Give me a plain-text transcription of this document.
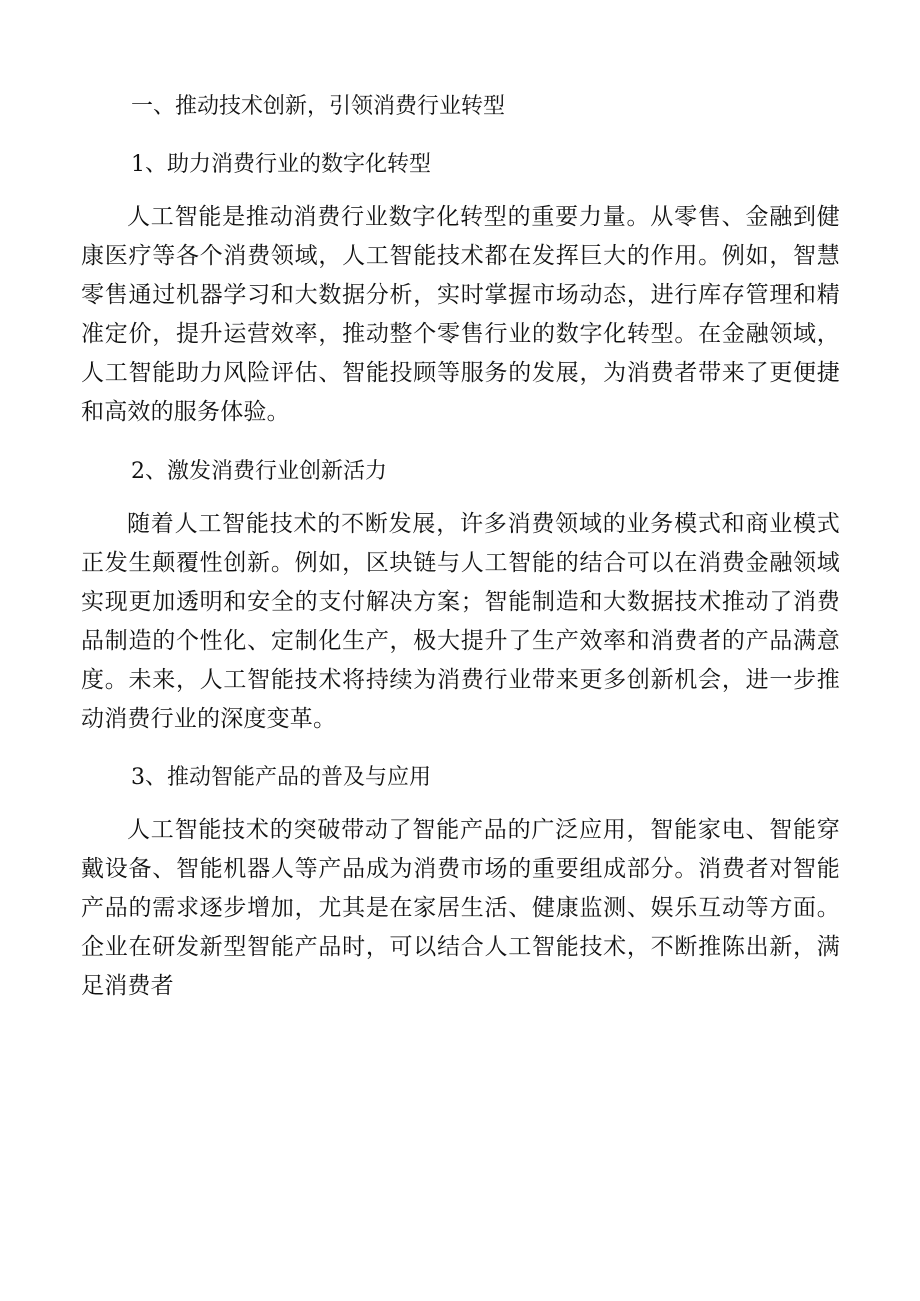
一、推动技术创新，引领消费行业转型
1、助力消费行业的数字化转型

人工智能是推动消费行业数字化转型的重要力量。从零售、金融到健康医疗等各个消费领域，人工智能技术都在发挥巨大的作用。例如，智慧零售通过机器学习和大数据分析，实时掌握市场动态，进行库存管理和精准定价，提升运营效率，推动整个零售行业的数字化转型。在金融领域，人工智能助力风险评估、智能投顾等服务的发展，为消费者带来了更便捷和高效的服务体验。

2、激发消费行业创新活力

随着人工智能技术的不断发展，许多消费领域的业务模式和商业模式正发生颠覆性创新。例如，区块链与人工智能的结合可以在消费金融领域实现更加透明和安全的支付解决方案；智能制造和大数据技术推动了消费品制造的个性化、定制化生产，极大提升了生产效率和消费者的产品满意度。未来，人工智能技术将持续为消费行业带来更多创新机会，进一步推动消费行业的深度变革。

3、推动智能产品的普及与应用

人工智能技术的突破带动了智能产品的广泛应用，智能家电、智能穿戴设备、智能机器人等产品成为消费市场的重要组成部分。消费者对智能产品的需求逐步增加，尤其是在家居生活、健康监测、娱乐互动等方面。企业在研发新型智能产品时，可以结合人工智能技术，不断推陈出新，满足消费者
